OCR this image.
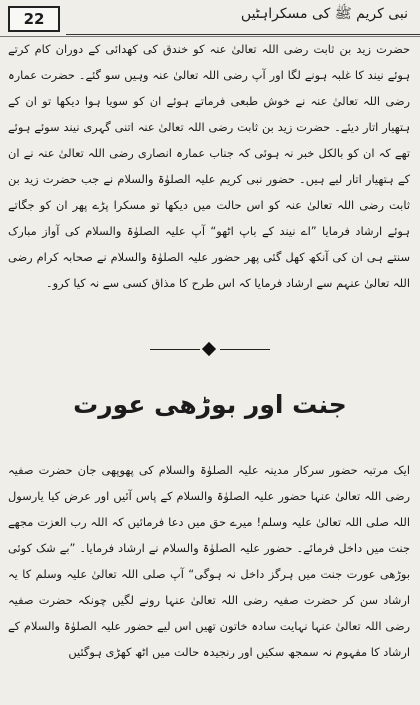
22	نبی کریم ﷺ کی مسکراہٹیں
حضرت زید بن ثابت رضی اللہ تعالیٰ عنہ کو خندق کی کھدائی کے دوران کام کرتے ہوئے نیند کا غلبہ ہونے لگا اور آپ رضی اللہ تعالیٰ عنہ وہیں سو گئے۔ حضرت عمارہ رضی اللہ تعالیٰ عنہ نے خوش طبعی فرماتے ہوئے ان کو سویا ہوا دیکھا تو ان کے ہتھیار اتار دیئے۔ حضرت زید بن ثابت رضی اللہ تعالیٰ عنہ اتنی گہری نیند سوئے ہوئے تھے کہ ان کو بالکل خبر نہ ہوئی کہ جناب عمارہ انصاری رضی اللہ تعالیٰ عنہ نے ان کے ہتھیار اتار لیے ہیں۔ حضور نبی کریم علیہ الصلوٰۃ والسلام نے جب حضرت زید بن ثابت رضی اللہ تعالیٰ عنہ کو اس حالت میں دیکھا تو مسکرا پڑے پھر ان کو جگاتے ہوئے ارشاد فرمایا ”اے نیند کے باپ اٹھو“ آپ علیہ الصلوٰۃ والسلام کی آواز مبارک سنتے ہی ان کی آنکھ کھل گئی پھر حضور علیہ الصلوٰۃ والسلام نے صحابہ کرام رضی اللہ تعالیٰ عنہم سے ارشاد فرمایا کہ اس طرح کا مذاق کسی سے نہ کیا کرو۔
جنت اور بوڑھی عورت
ایک مرتبہ حضور سرکار مدینہ علیہ الصلوٰۃ والسلام کی پھوپھی جان حضرت صفیہ رضی اللہ تعالیٰ عنہا حضور علیہ الصلوٰۃ والسلام کے پاس آئیں اور عرض کیا یارسول اللہ صلی اللہ تعالیٰ علیہ وسلم! میرے حق میں دعا فرمائیں کہ اللہ رب العزت مجھے جنت میں داخل فرمائے۔ حضور علیہ الصلوٰۃ والسلام نے ارشاد فرمایا۔ ”بے شک کوئی بوڑھی عورت جنت میں ہرگز داخل نہ ہوگی“ آپ صلی اللہ تعالیٰ علیہ وسلم کا یہ ارشاد سن کر حضرت صفیہ رضی اللہ تعالیٰ عنہا رونے لگیں چونکہ حضرت صفیہ رضی اللہ تعالیٰ عنہا نہایت سادہ خاتون تھیں اس لیے حضور علیہ الصلوٰۃ والسلام کے ارشاد کا مفہوم نہ سمجھ سکیں اور رنجیدہ حالت میں اٹھ کھڑی ہوگئیں
